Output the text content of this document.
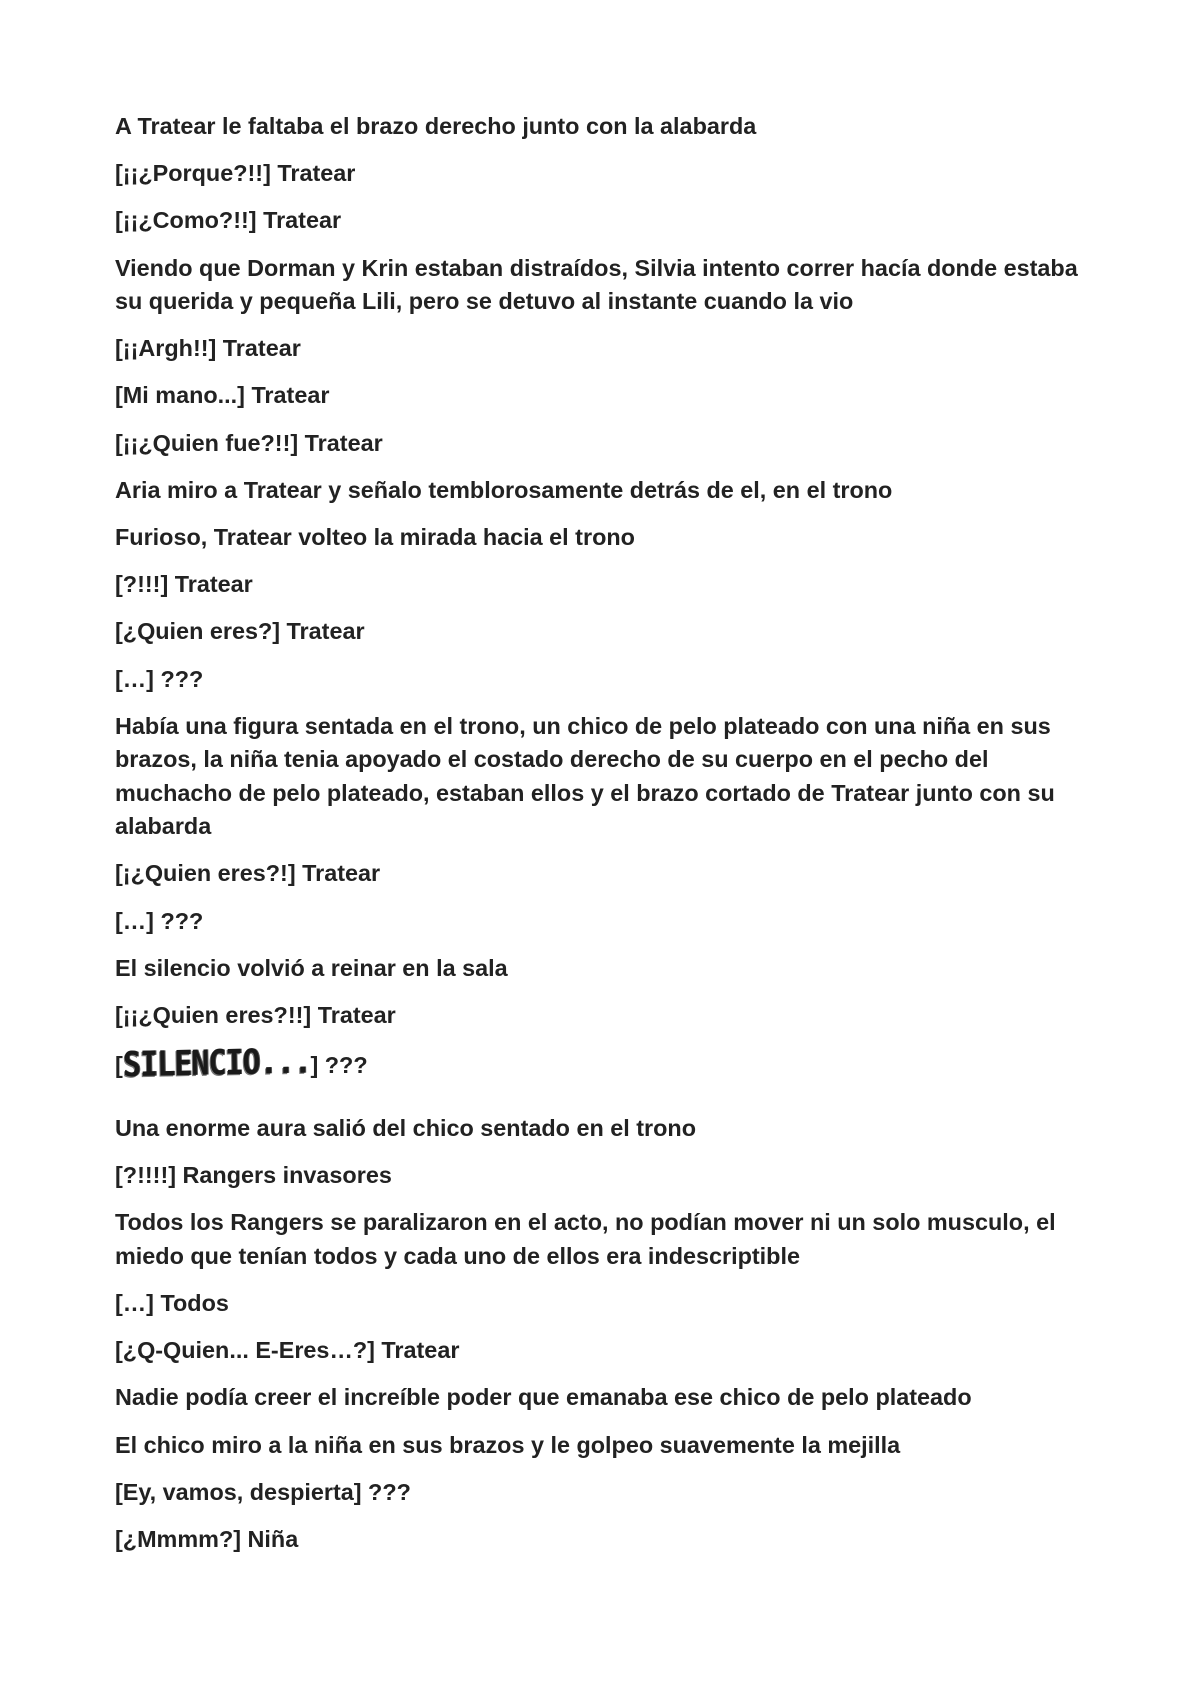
A Tratear le faltaba el brazo derecho junto con la alabarda

[¡¡¿Porque?!!] Tratear

[¡¡¿Como?!!] Tratear

Viendo que Dorman y Krin estaban distraídos, Silvia intento correr hacía donde estaba su querida y pequeña Lili, pero se detuvo al instante cuando la vio

[¡¡Argh!!] Tratear

[Mi mano...] Tratear

[¡¡¿Quien fue?!!] Tratear

Aria miro a Tratear y señalo temblorosamente detrás de el, en el trono

Furioso, Tratear volteo la mirada hacia el trono

[?!!!] Tratear

[¿Quien eres?] Tratear

[…] ???

Había una figura sentada en el trono, un chico de pelo plateado con una niña en sus brazos, la niña tenia apoyado el costado derecho de su cuerpo en el pecho del muchacho de pelo plateado, estaban ellos y el brazo cortado de Tratear junto con su alabarda

[¡¿Quien eres?!] Tratear

[…] ???

El silencio volvió a reinar en la sala

[¡¡¿Quien eres?!!] Tratear

[SILENCIO...] ???

Una enorme aura salió del chico sentado en el trono

[?!!!!] Rangers invasores

Todos los Rangers se paralizaron en el acto, no podían mover ni un solo musculo, el miedo que tenían todos y cada uno de ellos era indescriptible

[…] Todos

[¿Q-Quien... E-Eres…?] Tratear

Nadie podía creer el increíble poder que emanaba ese chico de pelo plateado

El chico miro a la niña en sus brazos y le golpeo suavemente la mejilla

[Ey, vamos, despierta] ???

[¿Mmmm?] Niña
